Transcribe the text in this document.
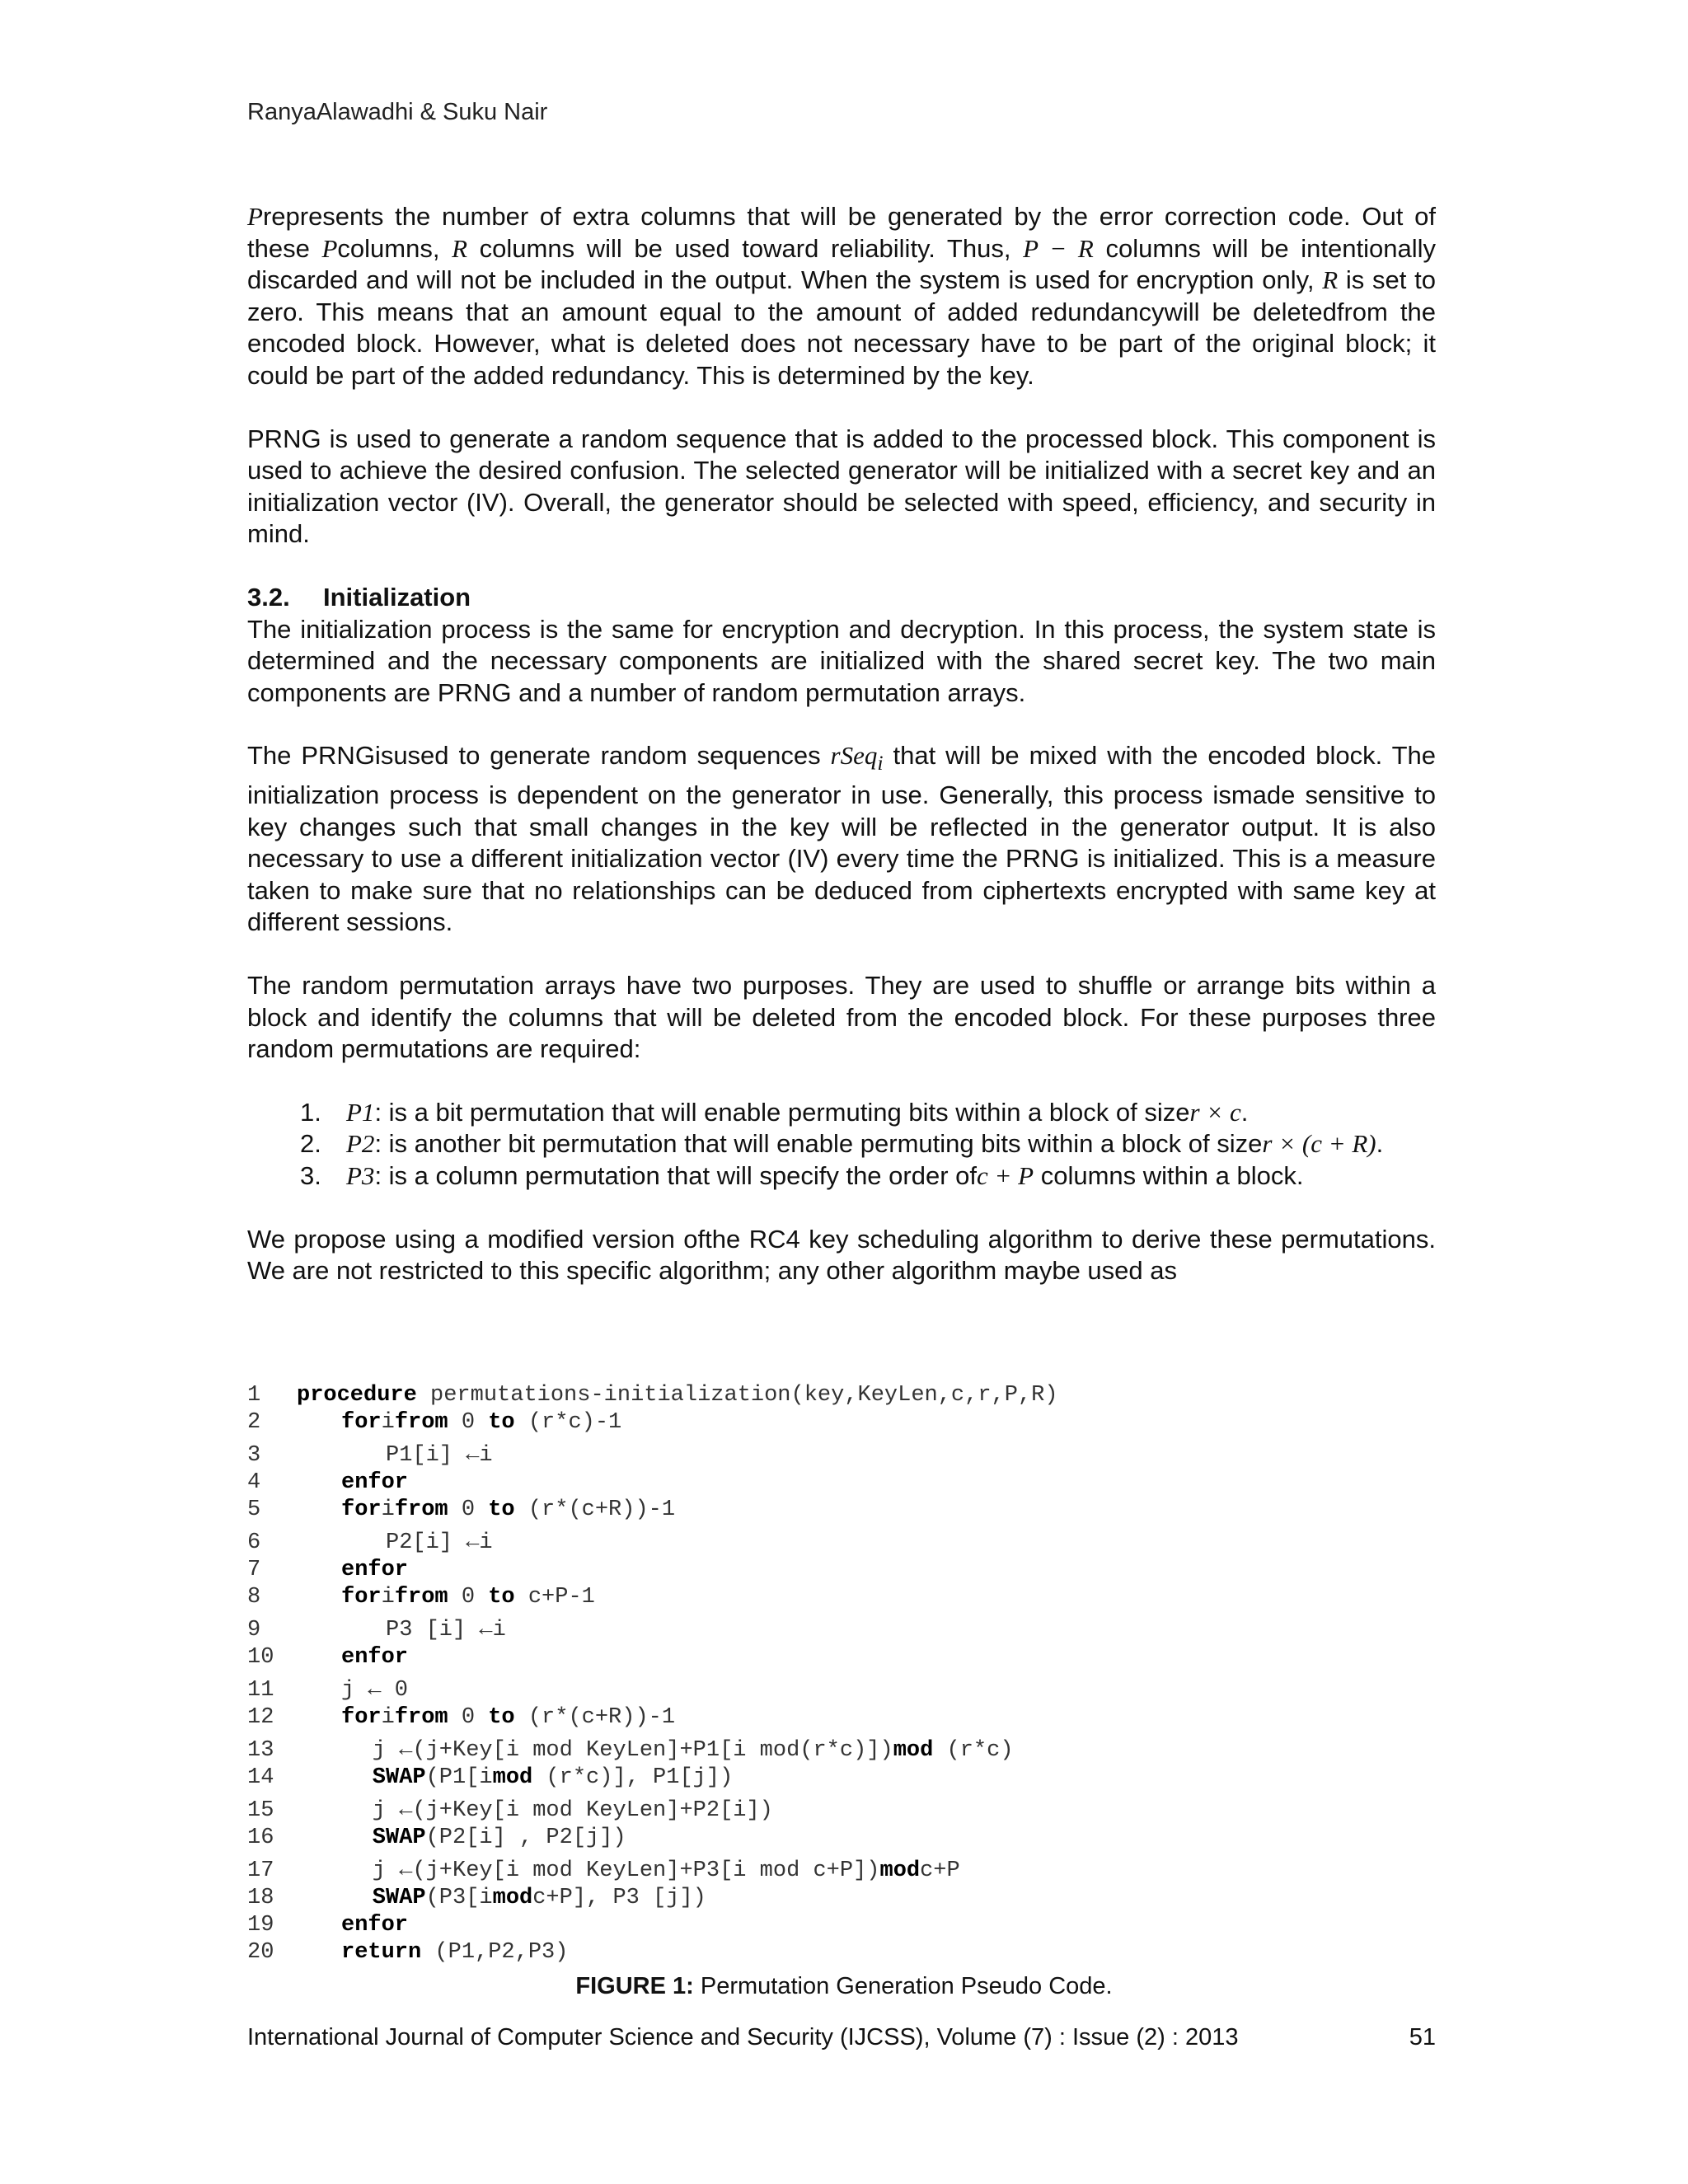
RanyaAlawadhi & Suku Nair

Prepresents the number of extra columns that will be generated by the error correction code. Out of these Pcolumns, R columns will be used toward reliability. Thus, P − R columns will be intentionally discarded and will not be included in the output. When the system is used for encryption only, R is set to zero. This means that an amount equal to the amount of added redundancywill be deletedfrom the encoded block. However, what is deleted does not necessary have to be part of the original block; it could be part of the added redundancy. This is determined by the key.

PRNG is used to generate a random sequence that is added to the processed block. This component is used to achieve the desired confusion. The selected generator will be initialized with a secret key and an initialization vector (IV). Overall, the generator should be selected with speed, efficiency, and security in mind.

3.2. Initialization

The initialization process is the same for encryption and decryption. In this process, the system state is determined and the necessary components are initialized with the shared secret key. The two main components are PRNG and a number of random permutation arrays.

The PRNGisused to generate random sequences rSeq$_i$ that will be mixed with the encoded block. The initialization process is dependent on the generator in use. Generally, this process ismade sensitive to key changes such that small changes in the key will be reflected in the generator output. It is also necessary to use a different initialization vector (IV) every time the PRNG is initialized. This is a measure taken to make sure that no relationships can be deduced from ciphertexts encrypted with same key at different sessions.

The random permutation arrays have two purposes. They are used to shuffle or arrange bits within a block and identify the columns that will be deleted from the encoded block. For these purposes three random permutations are required:

1. P1: is a bit permutation that will enable permuting bits within a block of sizer × c.
2. P2: is another bit permutation that will enable permuting bits within a block of sizer × (c + R).
3. P3: is a column permutation that will specify the order ofc + P columns within a block.

We propose using a modified version ofthe RC4 key scheduling algorithm to derive these permutations. We are not restricted to this specific algorithm; any other algorithm maybe used as

1	procedure permutations-initialization(key,KeyLen,c,r,P,R)
2	forifrom 0 to (r*c)-1
3	P1[i] ←i
4	enfor
5	forifrom 0 to (r*(c+R))-1
6	P2[i] ←i
7	enfor
8	forifrom 0 to c+P-1
9	P3 [i] ←i
10	enfor
11	j ← 0
12	forifrom 0 to (r*(c+R))-1
13	j ←(j+Key[i mod KeyLen]+P1[i mod(r*c)])mod (r*c)
14	SWAP(P1[imod (r*c)], P1[j])
15	j ←(j+Key[i mod KeyLen]+P2[i])
16	SWAP(P2[i] , P2[j])
17	j ←(j+Key[i mod KeyLen]+P3[i mod c+P])modc+P
18	SWAP(P3[imodc+P], P3 [j])
19	enfor
20	return (P1,P2,P3)
FIGURE 1: Permutation Generation Pseudo Code.
International Journal of Computer Science and Security (IJCSS), Volume (7) : Issue (2) : 2013	51
